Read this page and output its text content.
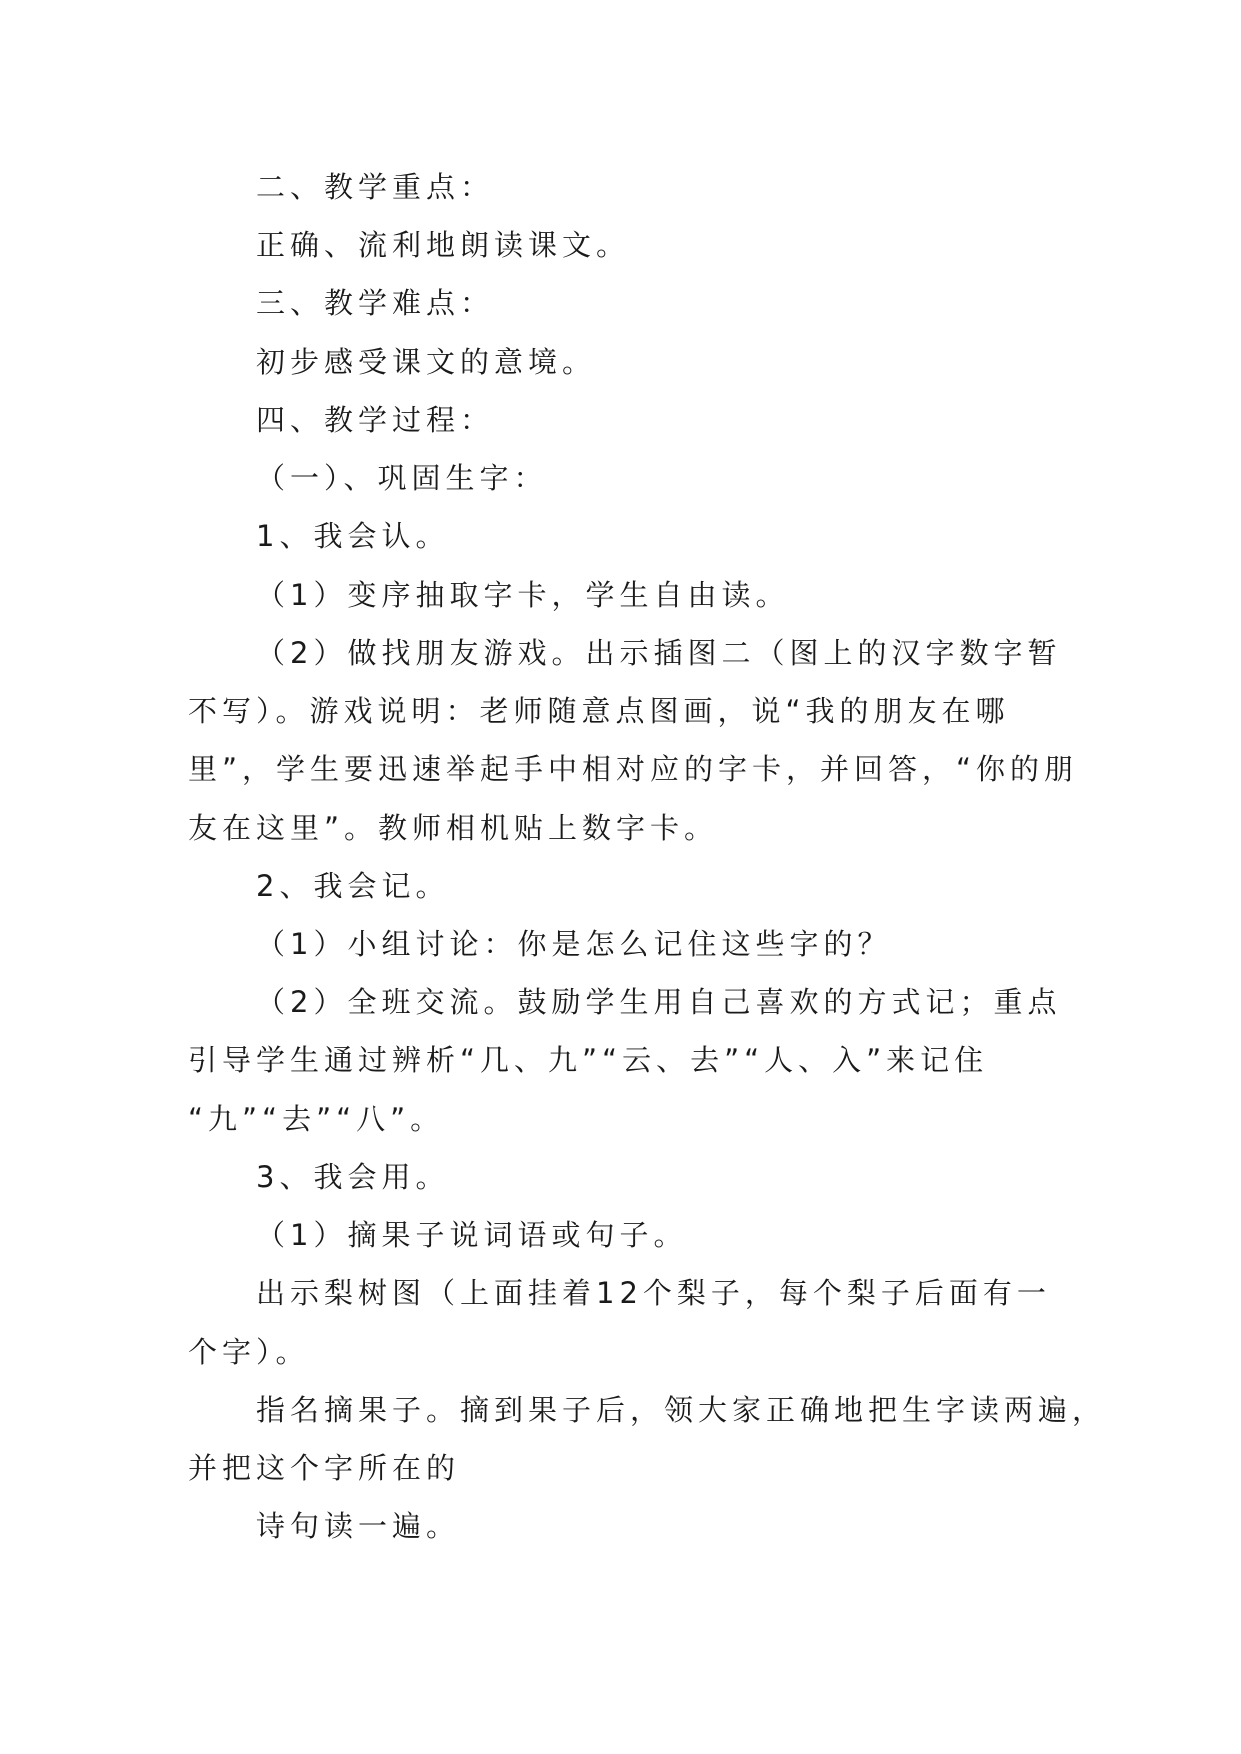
二、教学重点：
正确、流利地朗读课文。
三、教学难点：
初步感受课文的意境。
四、教学过程：
（一）、巩固生字：
1、我会认。
（1）变序抽取字卡，学生自由读。
（2）做找朋友游戏。出示插图二（图上的汉字数字暂
不写）。游戏说明：老师随意点图画，说“我的朋友在哪
里”，学生要迅速举起手中相对应的字卡，并回答，“你的朋
友在这里”。教师相机贴上数字卡。
2、我会记。
（1）小组讨论：你是怎么记住这些字的？
（2）全班交流。鼓励学生用自己喜欢的方式记；重点
引导学生通过辨析“几、九”“云、去”“人、入”来记住
“九”“去”“八”。
3、我会用。
（1）摘果子说词语或句子。
出示梨树图（上面挂着12个梨子，每个梨子后面有一
个字）。
指名摘果子。摘到果子后，领大家正确地把生字读两遍，
并把这个字所在的
诗句读一遍。
